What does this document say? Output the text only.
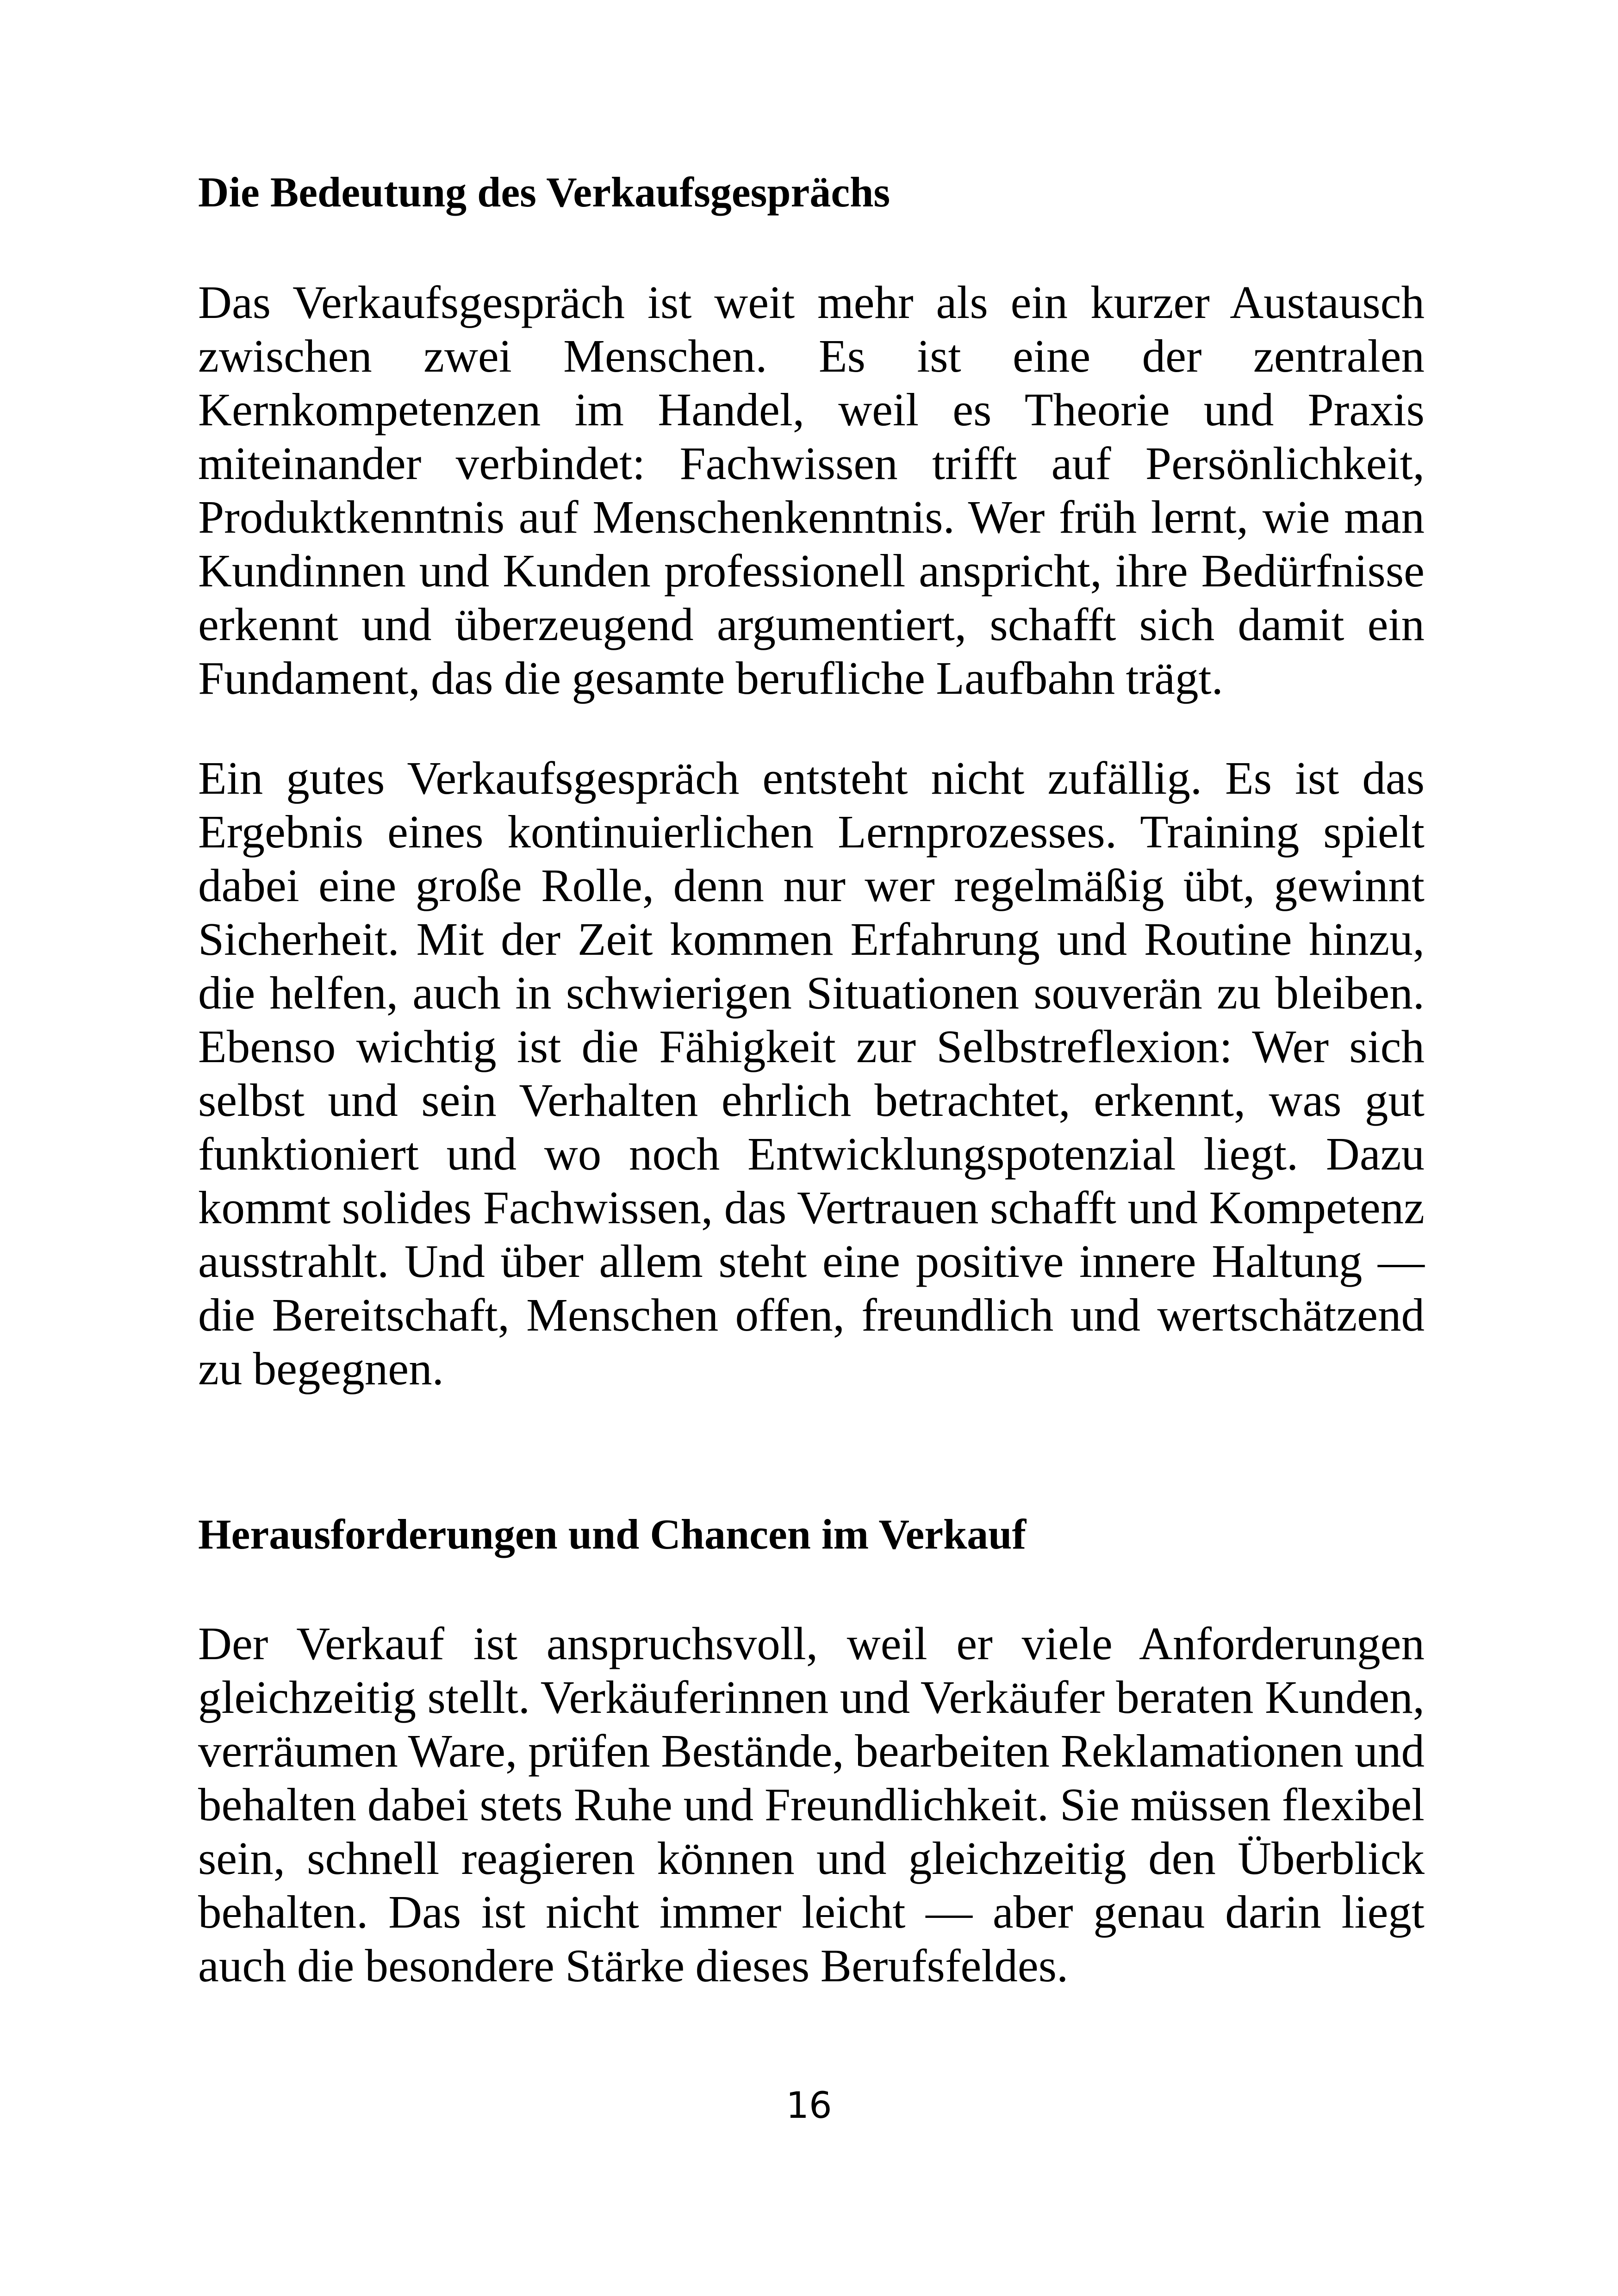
Die Bedeutung des Verkaufsgesprächs

Das Verkaufsgespräch ist weit mehr als ein kurzer Austausch zwischen zwei Menschen. Es ist eine der zentralen Kernkompetenzen im Handel, weil es Theorie und Praxis miteinander verbindet: Fachwissen trifft auf Persönlichkeit, Produktkenntnis auf Menschenkenntnis. Wer früh lernt, wie man Kundinnen und Kunden professionell anspricht, ihre Bedürfnisse erkennt und überzeugend argumentiert, schafft sich damit ein Fundament, das die gesamte berufliche Laufbahn trägt.

Ein gutes Verkaufsgespräch entsteht nicht zufällig. Es ist das Ergebnis eines kontinuierlichen Lernprozesses. Training spielt dabei eine große Rolle, denn nur wer regelmäßig übt, gewinnt Sicherheit. Mit der Zeit kommen Erfahrung und Routine hinzu, die helfen, auch in schwierigen Situationen souverän zu bleiben. Ebenso wichtig ist die Fähigkeit zur Selbstreflexion: Wer sich selbst und sein Verhalten ehrlich betrachtet, erkennt, was gut funktioniert und wo noch Entwicklungspotenzial liegt. Dazu kommt solides Fachwissen, das Vertrauen schafft und Kompetenz ausstrahlt. Und über allem steht eine positive innere Haltung — die Bereitschaft, Menschen offen, freundlich und wertschätzend zu begegnen.

Herausforderungen und Chancen im Verkauf

Der Verkauf ist anspruchsvoll, weil er viele Anforderungen gleichzeitig stellt. Verkäuferinnen und Verkäufer beraten Kunden, verräumen Ware, prüfen Bestände, bearbeiten Reklamationen und behalten dabei stets Ruhe und Freundlichkeit. Sie müssen flexibel sein, schnell reagieren können und gleichzeitig den Überblick behalten. Das ist nicht immer leicht — aber genau darin liegt auch die besondere Stärke dieses Berufsfeldes.

16
